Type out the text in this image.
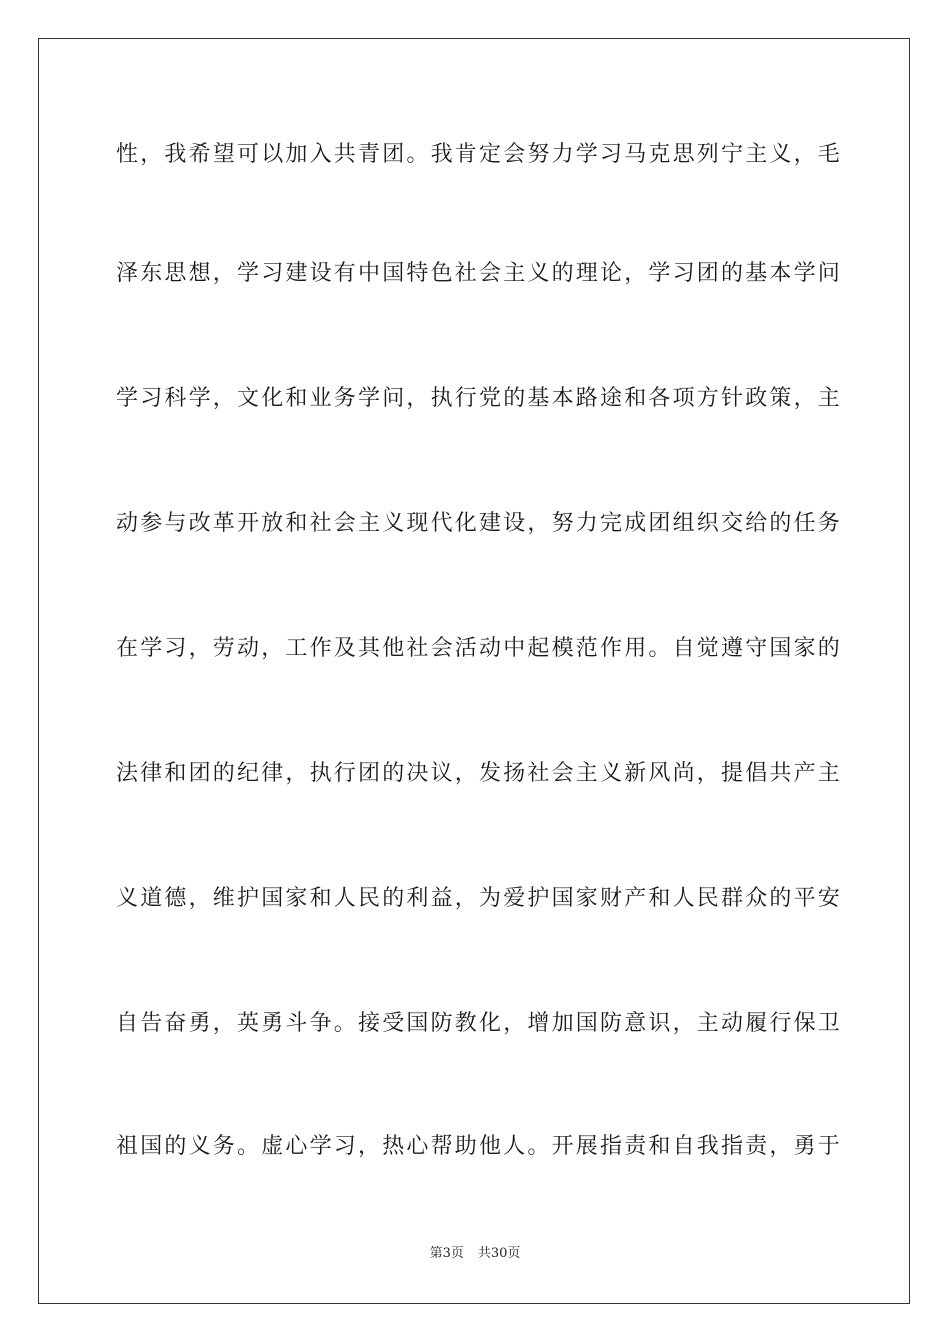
性，我希望可以加入共青团。我肯定会努力学习马克思列宁主义，毛
泽东思想，学习建设有中国特色社会主义的理论，学习团的基本学问
学习科学，文化和业务学问，执行党的基本路途和各项方针政策，主
动参与改革开放和社会主义现代化建设，努力完成团组织交给的任务
在学习，劳动，工作及其他社会活动中起模范作用。自觉遵守国家的
法律和团的纪律，执行团的决议，发扬社会主义新风尚，提倡共产主
义道德，维护国家和人民的利益，为爱护国家财产和人民群众的平安
自告奋勇，英勇斗争。接受国防教化，增加国防意识，主动履行保卫
祖国的义务。虚心学习，热心帮助他人。开展指责和自我指责，勇于
第3页 共30页
